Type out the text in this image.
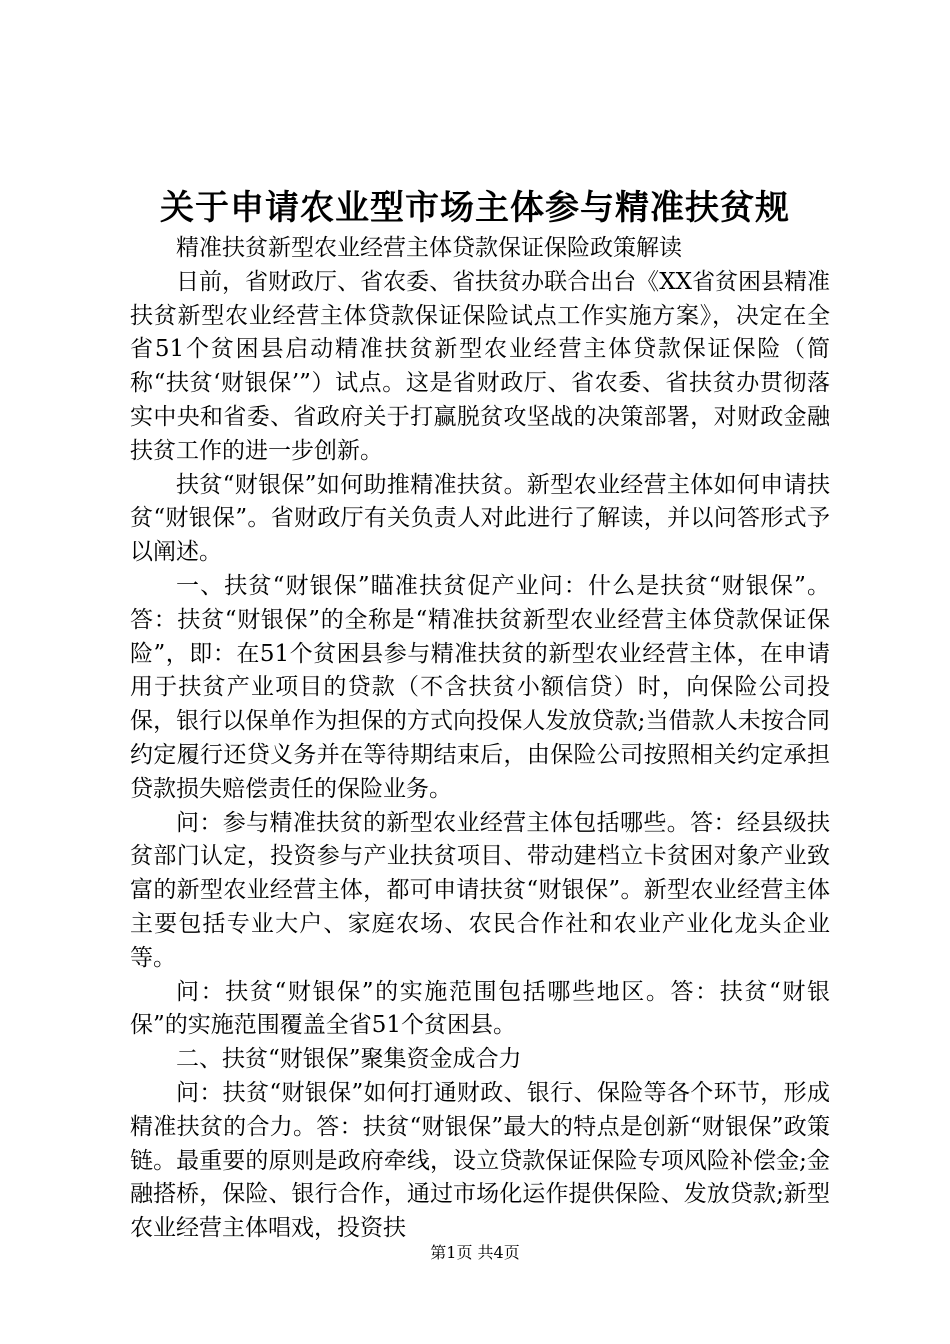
关于申请农业型市场主体参与精准扶贫规

精准扶贫新型农业经营主体贷款保证保险政策解读

日前，省财政厅、省农委、省扶贫办联合出台《XX省贫困县精准扶贫新型农业经营主体贷款保证保险试点工作实施方案》，决定在全省51个贫困县启动精准扶贫新型农业经营主体贷款保证保险（简称“扶贫‘财银保’”）试点。这是省财政厅、省农委、省扶贫办贯彻落实中央和省委、省政府关于打赢脱贫攻坚战的决策部署，对财政金融扶贫工作的进一步创新。

扶贫“财银保”如何助推精准扶贫。新型农业经营主体如何申请扶贫“财银保”。省财政厅有关负责人对此进行了解读，并以问答形式予以阐述。

一、扶贫“财银保”瞄准扶贫促产业问：什么是扶贫“财银保”。答：扶贫“财银保”的全称是“精准扶贫新型农业经营主体贷款保证保险”，即：在51个贫困县参与精准扶贫的新型农业经营主体，在申请用于扶贫产业项目的贷款（不含扶贫小额信贷）时，向保险公司投保，银行以保单作为担保的方式向投保人发放贷款;当借款人未按合同约定履行还贷义务并在等待期结束后，由保险公司按照相关约定承担贷款损失赔偿责任的保险业务。

问：参与精准扶贫的新型农业经营主体包括哪些。答：经县级扶贫部门认定，投资参与产业扶贫项目、带动建档立卡贫困对象产业致富的新型农业经营主体，都可申请扶贫“财银保”。新型农业经营主体主要包括专业大户、家庭农场、农民合作社和农业产业化龙头企业等。

问：扶贫“财银保”的实施范围包括哪些地区。答：扶贫“财银保”的实施范围覆盖全省51个贫困县。

二、扶贫“财银保”聚集资金成合力

问：扶贫“财银保”如何打通财政、银行、保险等各个环节，形成精准扶贫的合力。答：扶贫“财银保”最大的特点是创新“财银保”政策链。最重要的原则是政府牵线，设立贷款保证保险专项风险补偿金;金融搭桥，保险、银行合作，通过市场化运作提供保险、发放贷款;新型农业经营主体唱戏，投资扶

第1页 共4页
